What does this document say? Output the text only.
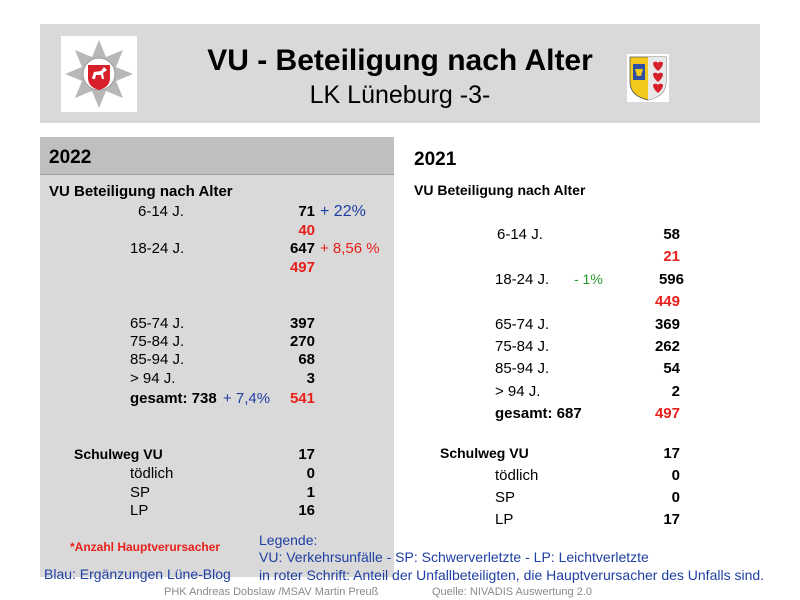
VU - Beteiligung nach Alter
LK Lüneburg -3-
2022
VU Beteiligung nach Alter
6-14 J.	71 + 22%
40
18-24 J.	647 + 8,56 %
497
65-74 J.	397
75-84 J.	270
85-94 J.	68
> 94 J.	3
gesamt: 738 + 7,4%	541
Schulweg VU	17
tödlich	0
SP	1
LP	16
*Anzahl Hauptverursacher
Blau: Ergänzungen Lüne-Blog
2021
VU Beteiligung nach Alter
6-14 J.	58
21
18-24 J. - 1%	596
449
65-74 J.	369
75-84 J.	262
85-94 J.	54
> 94 J.	2
gesamt: 687	497
Schulweg VU	17
tödlich	0
SP	0
LP	17
Legende:
VU: Verkehrsunfälle - SP: Schwerverletzte - LP: Leichtverletzte
in roter Schrift: Anteil der Unfallbeteiligten, die Hauptverursacher des Unfalls sind.
PHK Andreas Dobslaw /MSAV Martin Preuß	Quelle: NIVADIS Auswertung 2.0
